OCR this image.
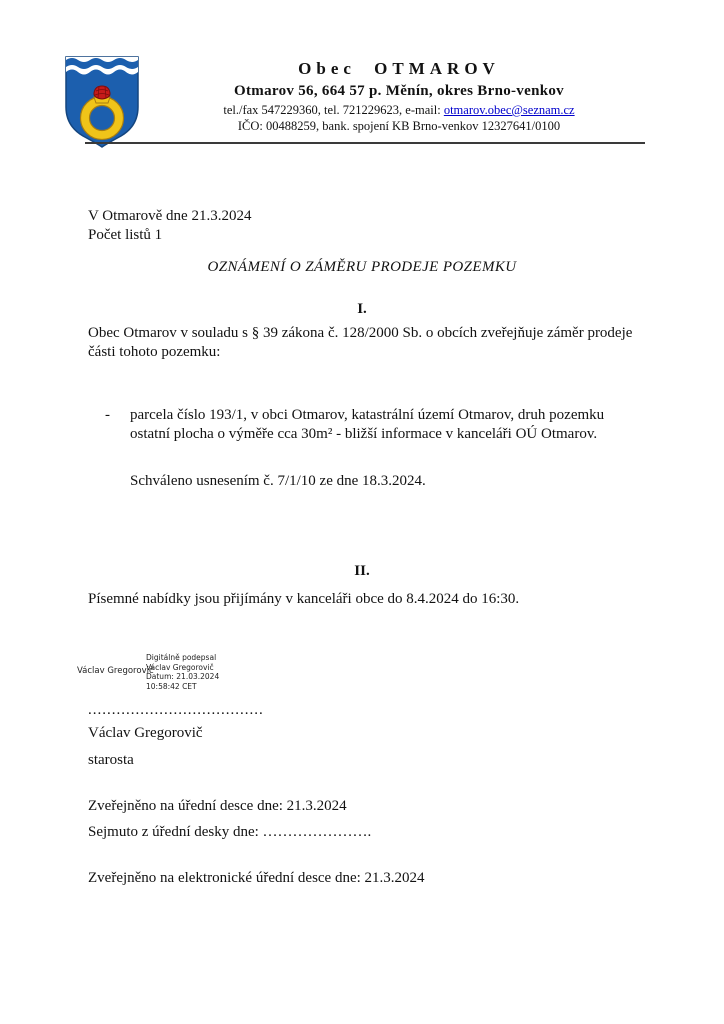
Obec OTMAROV
Otmarov 56, 664 57 p. Měnín, okres Brno-venkov
tel./fax 547229360, tel. 721229623, e-mail: otmarov.obec@seznam.cz
IČO: 00488259, bank. spojení KB Brno-venkov 12327641/0100
V Otmarově dne 21.3.2024
Počet listů 1
OZNÁMENÍ O ZÁMĚRU PRODEJE POZEMKU
I.
Obec Otmarov v souladu s § 39 zákona č. 128/2000 Sb. o obcích zveřejňuje záměr prodeje části tohoto pozemku:
- parcela číslo 193/1, v obci Otmarov, katastrální území Otmarov, druh pozemku ostatní plocha o výměře cca 30m² - bližší informace v kanceláři OÚ Otmarov.
Schváleno usnesením č. 7/1/10 ze dne 18.3.2024.
II.
Písemné nabídky jsou přijímány v kanceláři obce do 8.4.2024 do 16:30.
Václav Gregorovič
Digitálně podepsal
Václav Gregorovič
Datum: 21.03.2024
10:58:42 CET
.....................................
Václav Gregorovič
starosta
Zveřejněno na úřední desce dne: 21.3.2024
Sejmuto z úřední desky dne: ………………….
Zveřejněno na elektronické úřední desce dne: 21.3.2024
